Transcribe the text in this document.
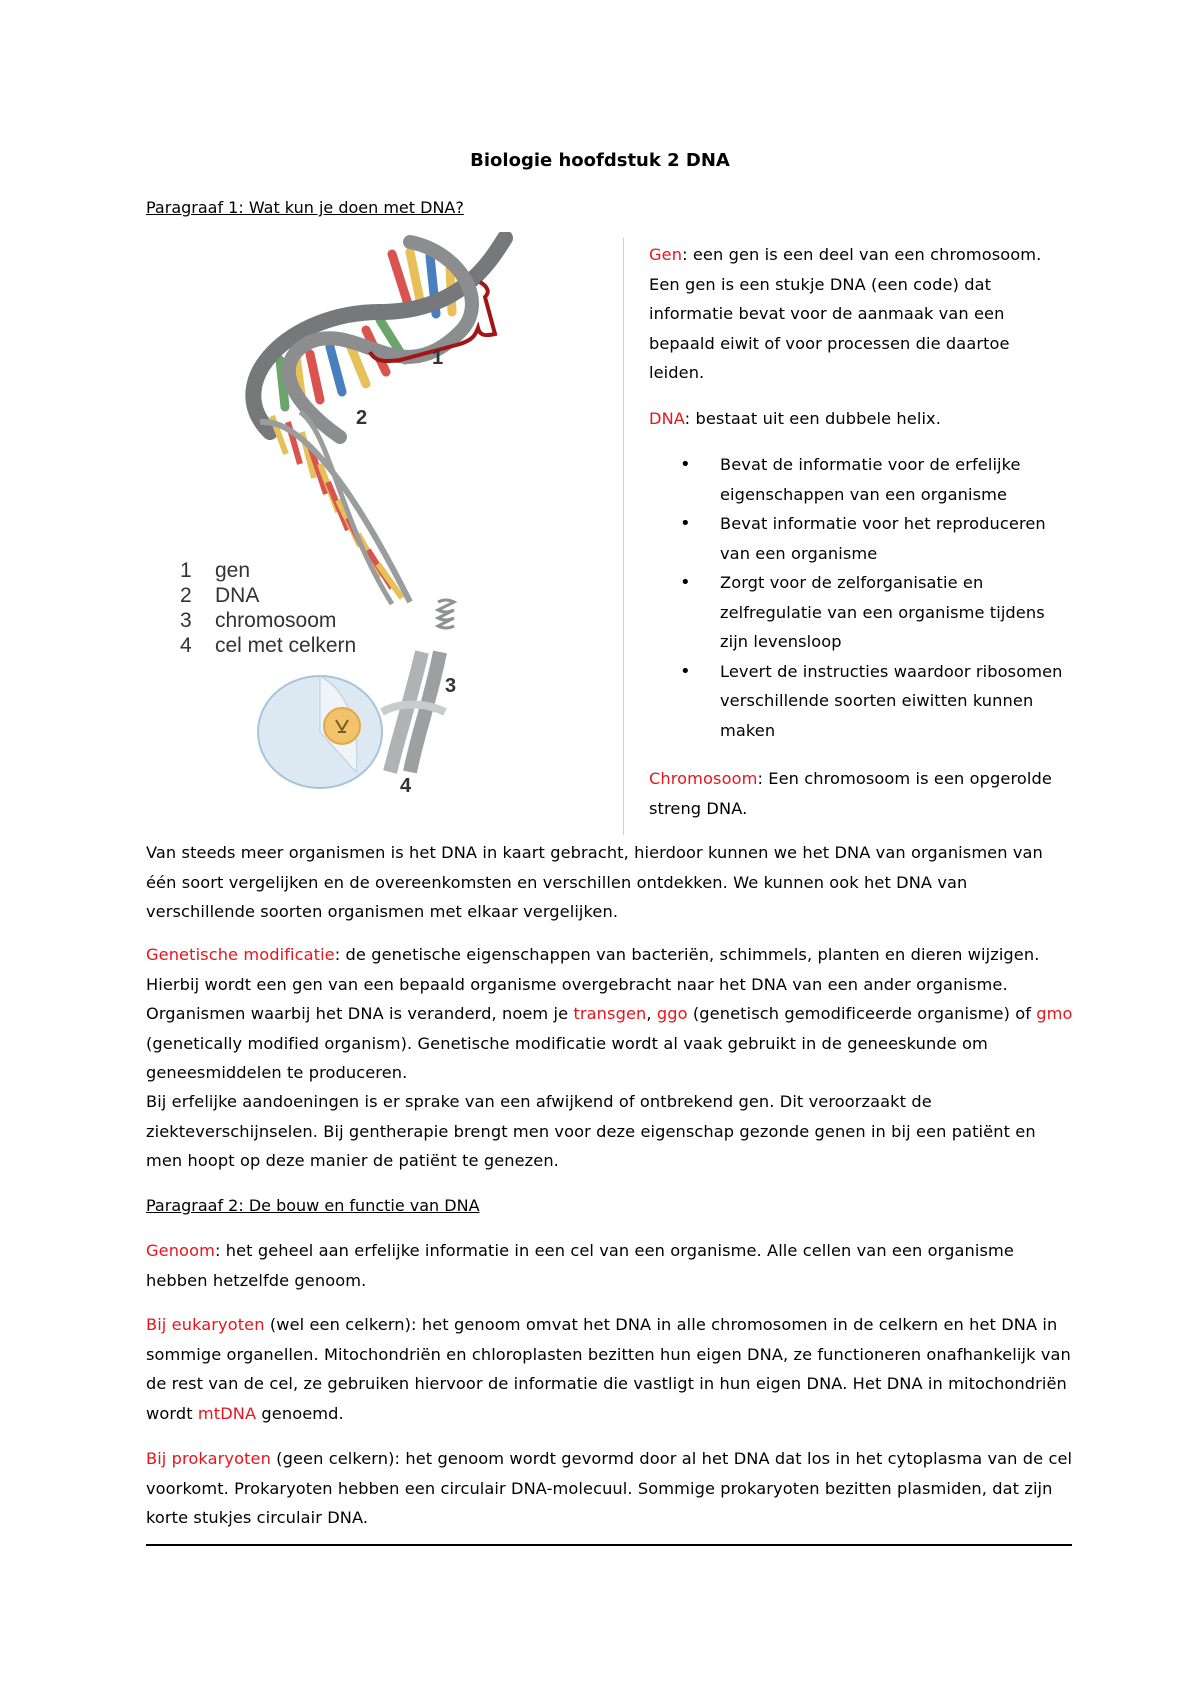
Biologie hoofdstuk 2 DNA
Paragraaf 1: Wat kun je doen met DNA?
1
2
3
4
1 gen
2 DNA
3 chromosoom
4 cel met celkern

Gen: een gen is een deel van een chromosoom. Een gen is een stukje DNA (een code) dat informatie bevat voor de aanmaak van een bepaald eiwit of voor processen die daartoe leiden.

DNA: bestaat uit een dubbele helix.

• Bevat de informatie voor de erfelijke eigenschappen van een organisme
• Bevat informatie voor het reproduceren van een organisme
• Zorgt voor de zelforganisatie en zelfregulatie van een organisme tijdens zijn levensloop
• Levert de instructies waardoor ribosomen verschillende soorten eiwitten kunnen maken

Chromosoom: Een chromosoom is een opgerolde streng DNA.

Van steeds meer organismen is het DNA in kaart gebracht, hierdoor kunnen we het DNA van organismen van één soort vergelijken en de overeenkomsten en verschillen ontdekken. We kunnen ook het DNA van verschillende soorten organismen met elkaar vergelijken.

Genetische modificatie: de genetische eigenschappen van bacteriën, schimmels, planten en dieren wijzigen. Hierbij wordt een gen van een bepaald organisme overgebracht naar het DNA van een ander organisme. Organismen waarbij het DNA is veranderd, noem je transgen, ggo (genetisch gemodificeerde organisme) of gmo (genetically modified organism). Genetische modificatie wordt al vaak gebruikt in de geneeskunde om geneesmiddelen te produceren.

Bij erfelijke aandoeningen is er sprake van een afwijkend of ontbrekend gen. Dit veroorzaakt de ziekteverschijnselen. Bij gentherapie brengt men voor deze eigenschap gezonde genen in bij een patiënt en men hoopt op deze manier de patiënt te genezen.

Paragraaf 2: De bouw en functie van DNA

Genoom: het geheel aan erfelijke informatie in een cel van een organisme. Alle cellen van een organisme hebben hetzelfde genoom.

Bij eukaryoten (wel een celkern): het genoom omvat het DNA in alle chromosomen in de celkern en het DNA in sommige organellen. Mitochondriën en chloroplasten bezitten hun eigen DNA, ze functioneren onafhankelijk van de rest van de cel, ze gebruiken hiervoor de informatie die vastligt in hun eigen DNA. Het DNA in mitochondriën wordt mtDNA genoemd.

Bij prokaryoten (geen celkern): het genoom wordt gevormd door al het DNA dat los in het cytoplasma van de cel voorkomt. Prokaryoten hebben een circulair DNA-molecuul. Sommige prokaryoten bezitten plasmiden, dat zijn korte stukjes circulair DNA.
